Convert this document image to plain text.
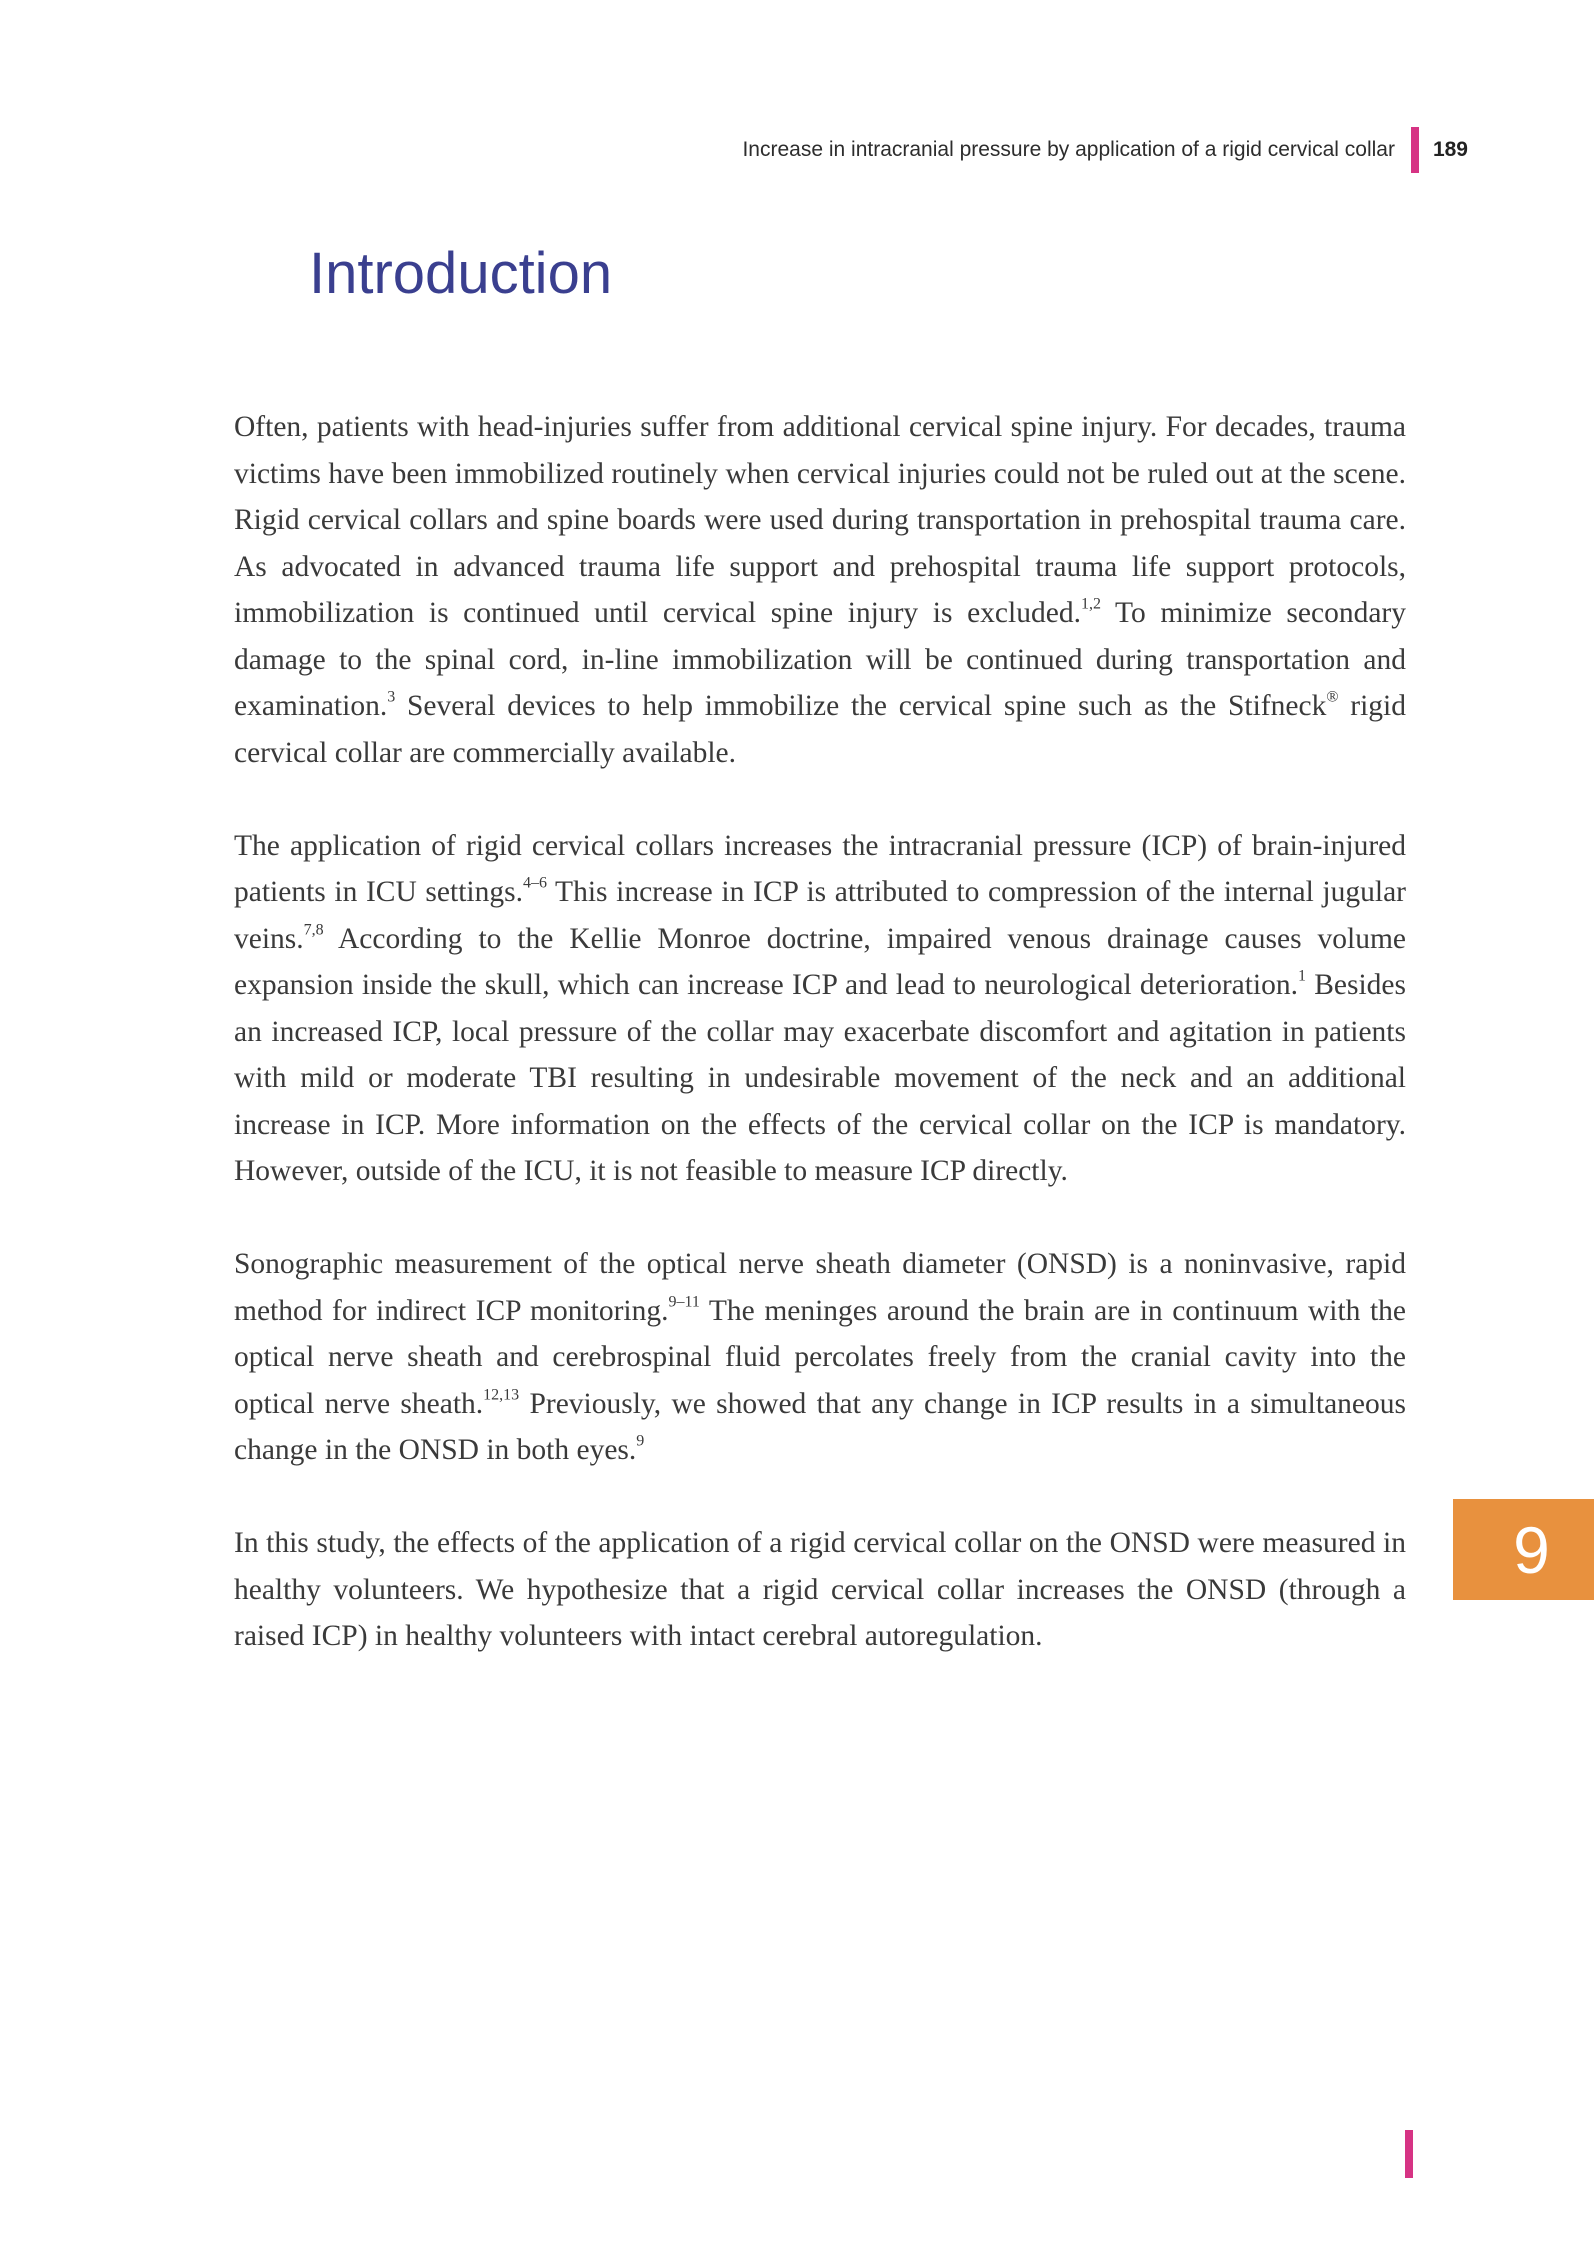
Increase in intracranial pressure by application of a rigid cervical collar 189
Introduction

Often, patients with head-injuries suffer from additional cervical spine injury. For decades, trauma victims have been immobilized routinely when cervical injuries could not be ruled out at the scene. Rigid cervical collars and spine boards were used during transportation in prehospital trauma care. As advocated in advanced trauma life support and prehospital trauma life support protocols, immobilization is continued until cervical spine injury is excluded.$^{1,2}$ To minimize secondary damage to the spinal cord, in-line immobilization will be continued during transportation and examination.$^3$ Several devices to help immobilize the cervical spine such as the Stifneck® rigid cervical collar are commercially available.

The application of rigid cervical collars increases the intracranial pressure (ICP) of brain-injured patients in ICU settings.$^{4-6}$ This increase in ICP is attributed to compression of the internal jugular veins.$^{7,8}$ According to the Kellie Monroe doctrine, impaired venous drainage causes volume expansion inside the skull, which can increase ICP and lead to neurological deterioration.$^1$ Besides an increased ICP, local pressure of the collar may exacerbate discomfort and agitation in patients with mild or moderate TBI resulting in undesirable movement of the neck and an additional increase in ICP. More information on the effects of the cervical collar on the ICP is mandatory. However, outside of the ICU, it is not feasible to measure ICP directly.

Sonographic measurement of the optical nerve sheath diameter (ONSD) is a noninvasive, rapid method for indirect ICP monitoring.$^{9-11}$ The meninges around the brain are in continuum with the optical nerve sheath and cerebrospinal fluid percolates freely from the cranial cavity into the optical nerve sheath.$^{12,13}$ Previously, we showed that any change in ICP results in a simultaneous change in the ONSD in both eyes.$^9$

In this study, the effects of the application of a rigid cervical collar on the ONSD were measured in healthy volunteers. We hypothesize that a rigid cervical collar increases the ONSD (through a raised ICP) in healthy volunteers with intact cerebral autoregulation.

9
